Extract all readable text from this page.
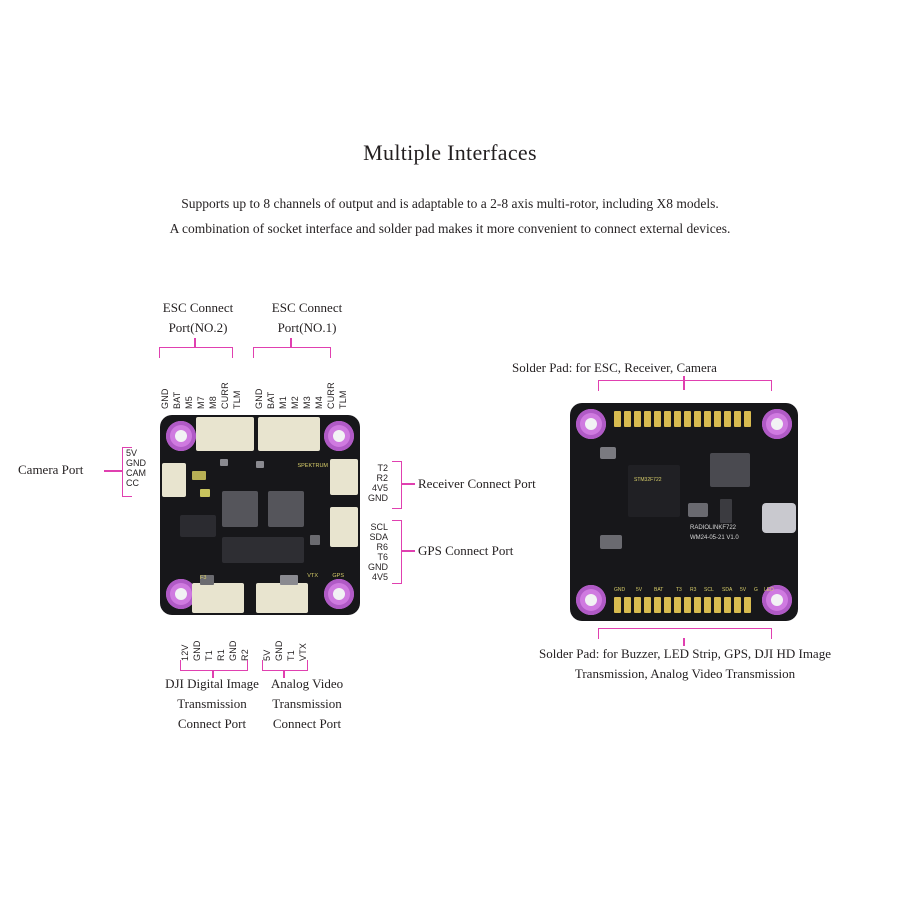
Multiple Interfaces
Supports up to 8 channels of output and is adaptable to a 2-8 axis multi-rotor, including X8 models.
A combination of socket interface and solder pad makes it more convenient to connect external devices.
ESC Connect
Port(NO.2)
ESC Connect
Port(NO.1)
GND BAT M5 M7 M8 CURR TLM GND BAT M1 M2 M3 M4 CURR TLM
SPEKTRUM
VTX	GPS
F3
Camera Port
5V
GND
CAM
CC
T2
R2
4V5
GND
Receiver Connect Port
SCL
SDA
R6
T6
GND
4V5
GPS Connect Port
12V GND T1 R1 GND R2 5V GND T1 VTX
DJI Digital Image
Transmission
Connect Port
Analog Video
Transmission
Connect Port
Solder Pad: for ESC, Receiver, Camera
RADIOLINKF722
WM24-05-21 V1.0
STM32F722
GND 5V BAT	T3 R3 SCL SDA 5V G LED
Solder Pad: for Buzzer, LED Strip, GPS, DJI HD Image
Transmission, Analog Video Transmission
